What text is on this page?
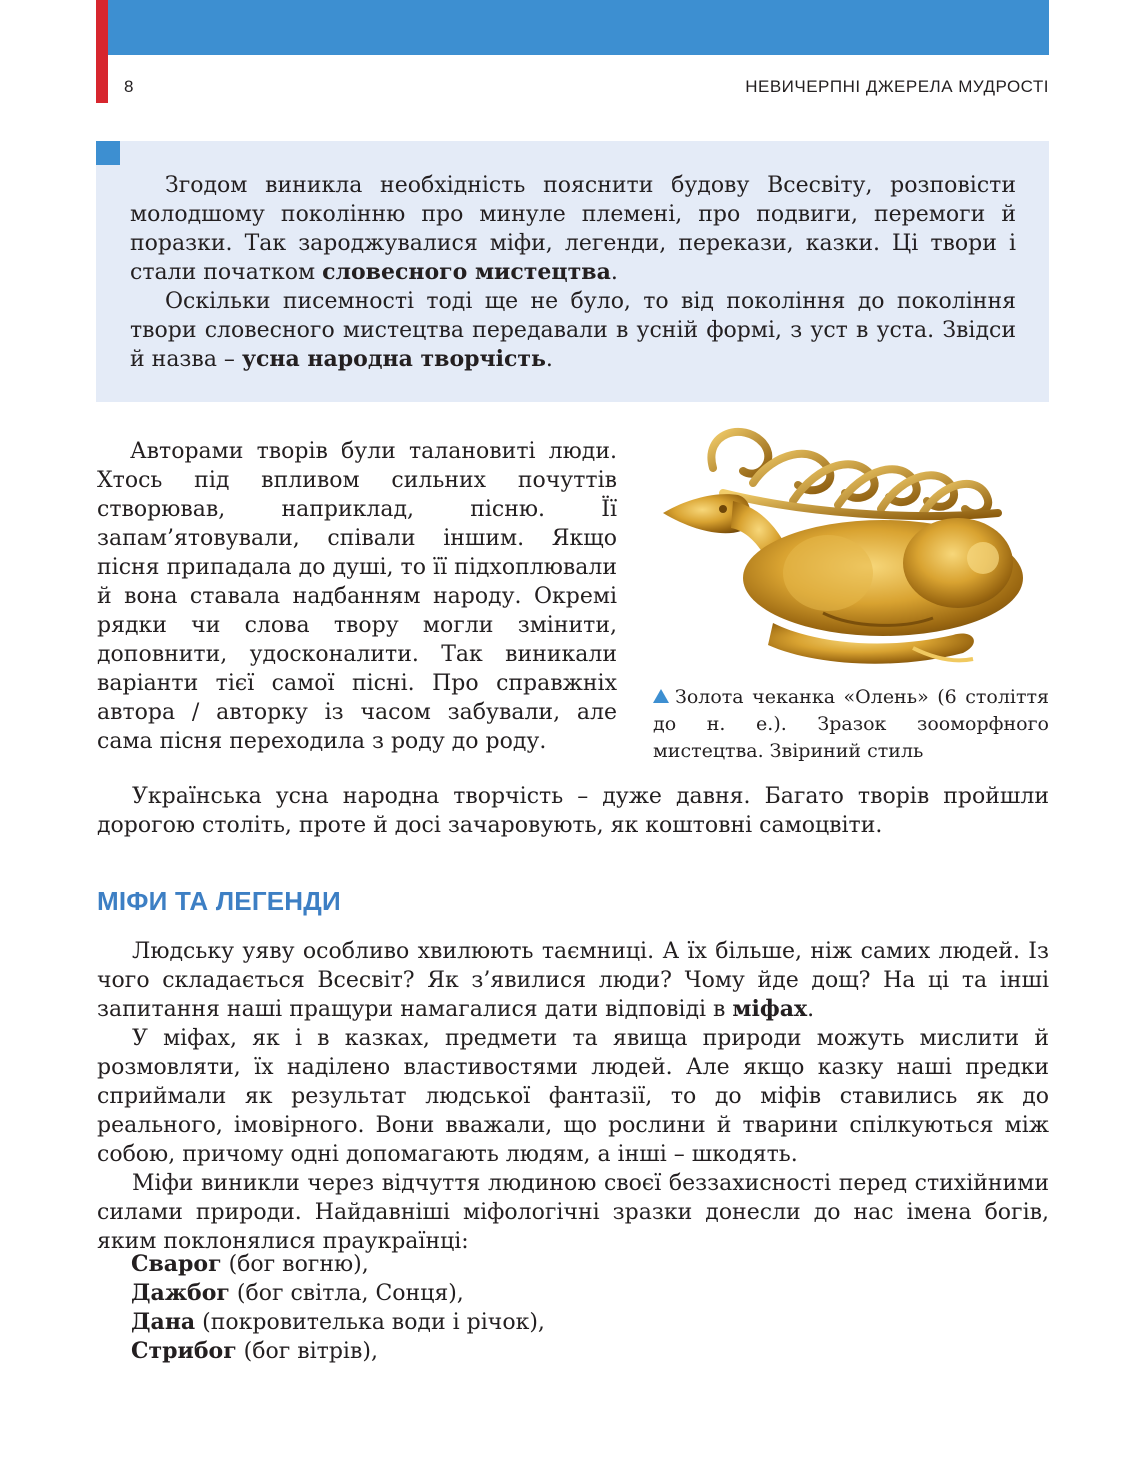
8	НЕВИЧЕРПНІ ДЖЕРЕЛА МУДРОСТІ

Згодом виникла необхідність пояснити будову Всесвіту, розповісти молодшому поколінню про минуле племені, про подвиги, перемоги й поразки. Так зароджувалися міфи, легенди, перекази, казки. Ці твори і стали початком словесного мистецтва.

Оскільки писемності тоді ще не було, то від покоління до покоління твори словесного мистецтва передавали в усній формі, з уст в уста. Звідси й назва – усна народна творчість.

Авторами творів були талановиті люди. Хтось під впливом сильних почуттів створював, наприклад, пісню. Її запам’ятовували, співали іншим. Якщо пісня припадала до душі, то її підхоплювали й вона ставала надбанням народу. Окремі рядки чи слова твору могли змінити, доповнити, удосконалити. Так виникали варіанти тієї самої пісні. Про справжніх автора / авторку із часом забували, але сама пісня переходила з роду до роду.

Золота чеканка «Олень» (6 століття до н. е.). Зразок зооморфного мистецтва. Звіриний стиль

Українська усна народна творчість – дуже давня. Багато творів пройшли дорогою століть, проте й досі зачаровують, як коштовні самоцвіти.

МІФИ ТА ЛЕГЕНДИ

Людську уяву особливо хвилюють таємниці. А їх більше, ніж самих людей. Із чого складається Всесвіт? Як з’явилися люди? Чому йде дощ? На ці та інші запитання наші пращури намагалися дати відповіді в міфах.

У міфах, як і в казках, предмети та явища природи можуть мислити й розмовляти, їх наділено властивостями людей. Але якщо казку наші предки сприймали як результат людської фантазії, то до міфів ставились як до реального, імовірного. Вони вважали, що рослини й тварини спілкуються між собою, причому одні допомагають людям, а інші – шкодять.

Міфи виникли через відчуття людиною своєї беззахисності перед стихійними силами природи. Найдавніші міфологічні зразки донесли до нас імена богів, яким поклонялися праукраїнці:

Сварог (бог вогню),
Дажбог (бог світла, Сонця),
Дана (покровителька води і річок),
Стрибог (бог вітрів),
